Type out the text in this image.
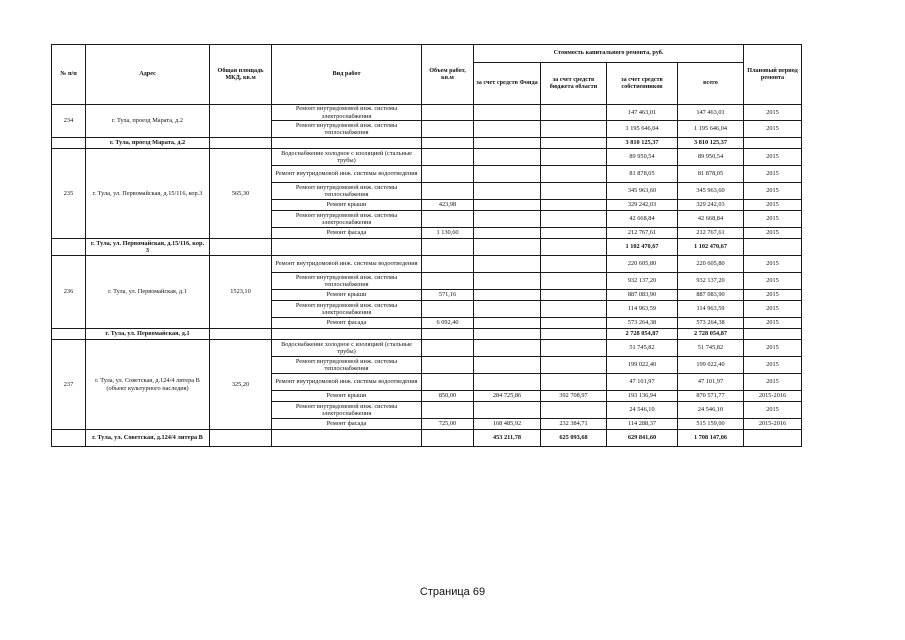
№ п/п	Адрес	Общая площадь МКД, кв.м	Вид работ	Объем работ, кв.м	Стоимость капитального ремонта, руб.				Плановый период ремонта
					за счет средств Фонда	за счет средств бюджета области	за счет средств собственников	всего	
234	г. Тула, проезд Марата, д.2		Ремонт внутридомовой инж. системы электроснабжения				147 463,01	147 463,01	2015
			Ремонт внутридомовой инж. системы теплоснабжения				1 195 646,04	1 195 646,04	2015
	г. Тула, проезд Марата, д.2						3 810 125,37	3 810 125,37	
235	г. Тула, ул. Первомайская, д.15/116, кор.3	565,30	Водоснабжение холодное с изоляцией (стальные трубы)				89 950,54	89 950,54	2015
			Ремонт внутридомовой инж. системы водоотведения				81 878,05	81 878,05	2015
			Ремонт внутридомовой инж. системы теплоснабжения				345 963,60	345 963,60	2015
			Ремонт крыши	423,98			329 242,03	329 242,03	2015
			Ремонт внутридомовой инж. системы электроснабжения				42 668,84	42 668,84	2015
			Ремонт фасада	1 130,60			212 767,61	212 767,61	2015
	г. Тула, ул. Первомайская, д.15/116, кор. 3						1 102 470,67	1 102 470,67	
236	г. Тула, ул. Первомайская, д.1	1523,10	Ремонт внутридомовой инж. системы водоотведения				220 605,80	220 605,80	2015
			Ремонт внутридомовой инж. системы теплоснабжения				932 137,20	932 137,20	2015
			Ремонт крыши	571,16			887 083,90	887 083,90	2015
			Ремонт внутридомовой инж. системы электроснабжения				114 963,59	114 963,59	2015
			Ремонт фасада	6 092,40			573 264,38	573 264,38	2015
	г. Тула, ул. Первомайская, д.1						2 728 054,87	2 728 054,87	
237	г. Тула, ул. Советская, д.124/4 литера В (объект культурного наследия)	325,20	Водоснабжение холодное с изоляцией (стальные трубы)				51 745,82	51 745,82	2015
			Ремонт внутридомовой инж. системы теплоснабжения				199 022,40	199 022,40	2015
			Ремонт внутридомовой инж. системы водоотведения				47 101,97	47 101,97	2015
			Ремонт крыши	850,00	284 725,86	392 708,97	193 136,94	870 571,77	2015-2016
			Ремонт внутридомовой инж. системы электроснабжения				24 546,10	24 546,10	2015
			Ремонт фасада	725,00	168 485,92	232 384,71	114 288,37	515 159,00	2015-2016
	г. Тула, ул. Советская, д.124/4 литера В				453 211,78	625 093,68	629 841,60	1 708 147,06	
Страница 69
